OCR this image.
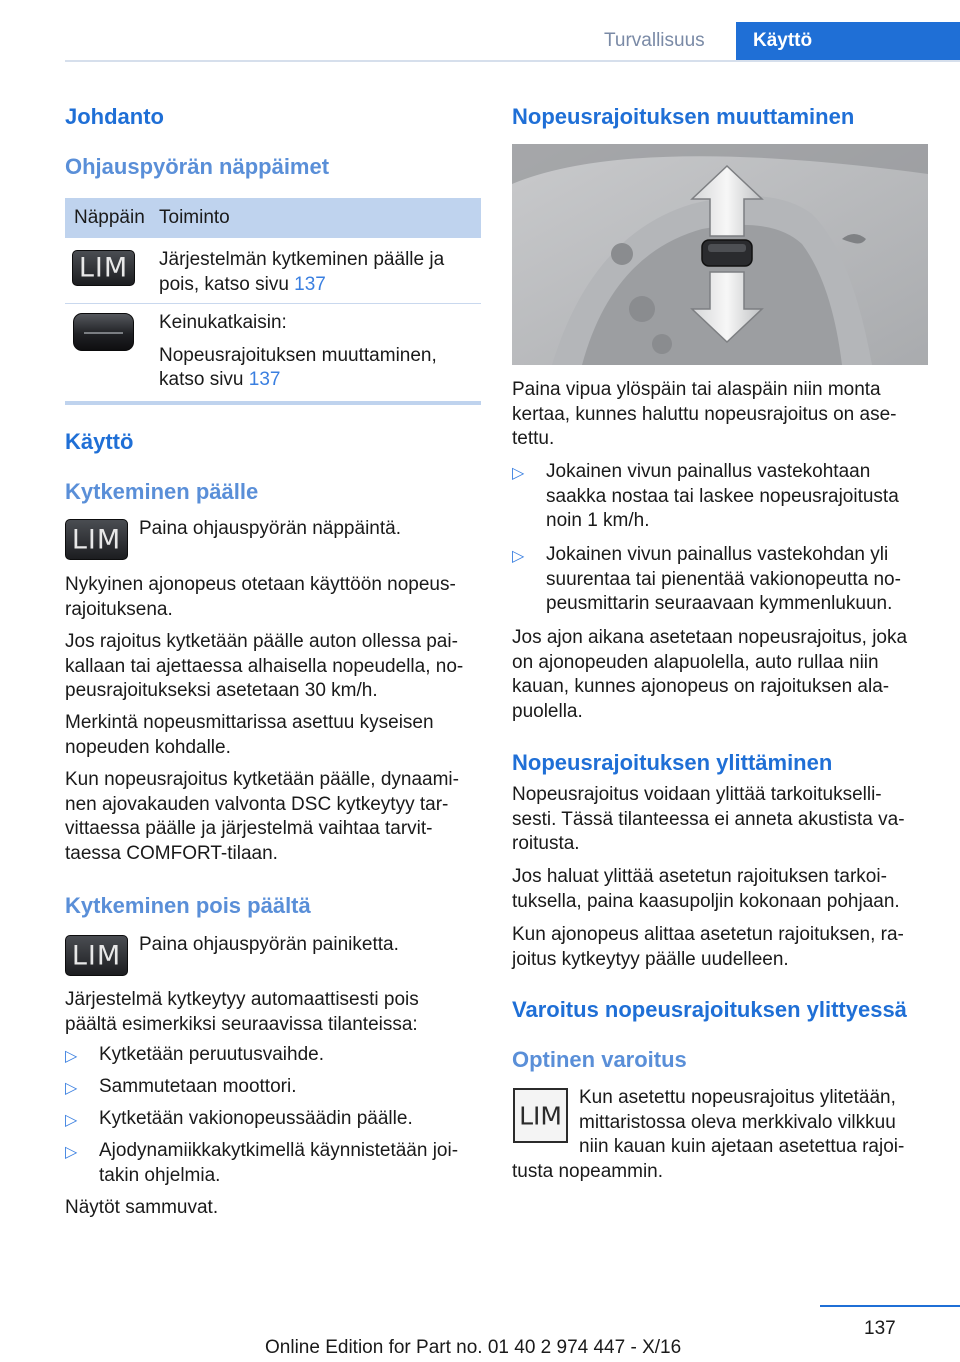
Turvallisuus	Käyttö
Johdanto
Ohjauspyörän näppäimet
Näppäin Toiminto
LIM	Järjestelmän kytkeminen päälle ja
pois, katso sivu 137
Keinukatkaisin:
Nopeusrajoituksen muuttaminen,
katso sivu 137
Käyttö
Kytkeminen päälle
LIM Paina ohjauspyörän näppäintä.
Nykyinen ajonopeus otetaan käyttöön nopeus-
rajoituksena.
Jos rajoitus kytketään päälle auton ollessa pai-
kallaan tai ajettaessa alhaisella nopeudella, no-
peusrajoitukseksi asetetaan 30 km/h.
Merkintä nopeusmittarissa asettuu kyseisen
nopeuden kohdalle.
Kun nopeusrajoitus kytketään päälle, dynaami-
nen ajovakauden valvonta DSC kytkeytyy tar-
vittaessa päälle ja järjestelmä vaihtaa tarvit-
taessa COMFORT-tilaan.
Kytkeminen pois päältä
LIM Paina ohjauspyörän painiketta.
Järjestelmä kytkeytyy automaattisesti pois
päältä esimerkiksi seuraavissa tilanteissa:
▷ Kytketään peruutusvaihde.
▷ Sammutetaan moottori.
▷ Kytketään vakionopeussäädin päälle.
▷ Ajodynamiikkakytkimellä käynnistetään joi-
takin ohjelmia.
Näytöt sammuvat.
Nopeusrajoituksen muuttaminen
Paina vipua ylöspäin tai alaspäin niin monta
kertaa, kunnes haluttu nopeusrajoitus on ase-
tettu.
▷ Jokainen vivun painallus vastekohtaan
saakka nostaa tai laskee nopeusrajoitusta
noin 1 km/h.
▷ Jokainen vivun painallus vastekohdan yli
suurentaa tai pienentää vakionopeutta no-
peusmittarin seuraavaan kymmenlukuun.
Jos ajon aikana asetetaan nopeusrajoitus, joka
on ajonopeuden alapuolella, auto rullaa niin
kauan, kunnes ajonopeus on rajoituksen ala-
puolella.
Nopeusrajoituksen ylittäminen
Nopeusrajoitus voidaan ylittää tarkoitukselli-
sesti. Tässä tilanteessa ei anneta akustista va-
roitusta.
Jos haluat ylittää asetetun rajoituksen tarkoi-
tuksella, paina kaasupoljin kokonaan pohjaan.
Kun ajonopeus alittaa asetetun rajoituksen, ra-
joitus kytkeytyy päälle uudelleen.
Varoitus nopeusrajoituksen ylittyessä
Optinen varoitus
LIM
Kun asetettu nopeusrajoitus ylitetään,
mittaristossa oleva merkkivalo vilkkuu
niin kauan kuin ajetaan asetettua rajoi-
tusta nopeammin.
137
Online Edition for Part no. 01 40 2 974 447 - X/16
